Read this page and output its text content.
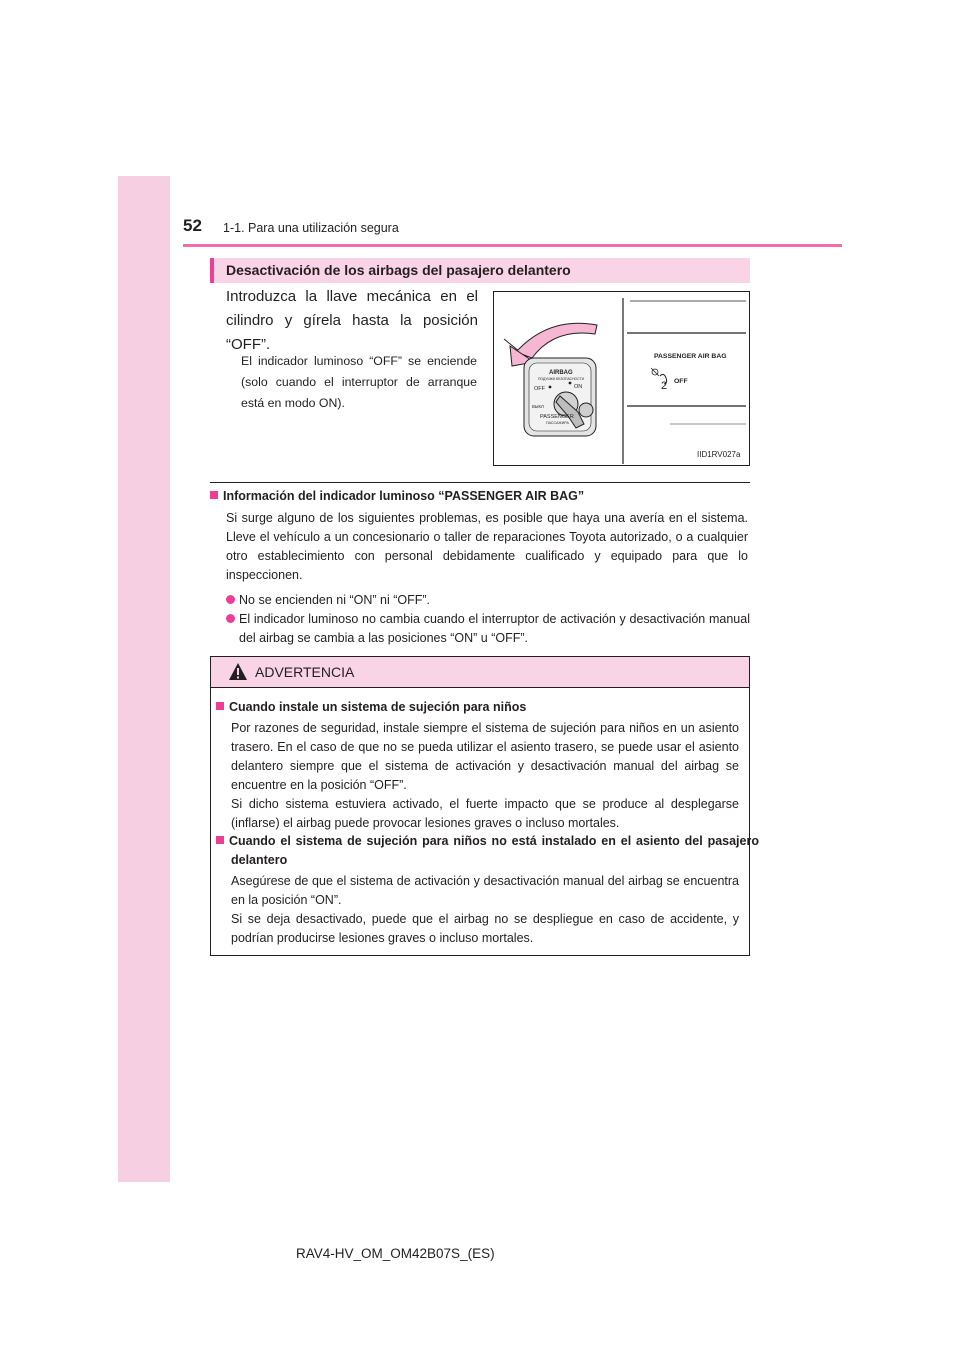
52 1-1. Para una utilización segura
Desactivación de los airbags del pasajero delantero
Introduzca la llave mecánica en el cilindro y gírela hasta la posición “OFF”.
El indicador luminoso “OFF” se enciende (solo cuando el interruptor de arranque está en modo ON).
AIRBAG
ПОДУШКИ БЕЗОПАСНОСТИ
OFF	ON
ВЫКЛ
PASSENGER
ПАССАЖИРА
PASSENGER AIR BAG
2 OFF
IID1RV027a
Información del indicador luminoso “PASSENGER AIR BAG”
Si surge alguno de los siguientes problemas, es posible que haya una avería en el sistema. Lleve el vehículo a un concesionario o taller de reparaciones Toyota autorizado, o a cualquier otro establecimiento con personal debidamente cualificado y equipado para que lo inspeccionen.
No se encienden ni “ON” ni “OFF”.
El indicador luminoso no cambia cuando el interruptor de activación y desactivación manual del airbag se cambia a las posiciones “ON” u “OFF”.
ADVERTENCIA
Cuando instale un sistema de sujeción para niños
Por razones de seguridad, instale siempre el sistema de sujeción para niños en un asiento trasero. En el caso de que no se pueda utilizar el asiento trasero, se puede usar el asiento delantero siempre que el sistema de activación y desactivación manual del airbag se encuentre en la posición “OFF”.
Si dicho sistema estuviera activado, el fuerte impacto que se produce al desplegarse (inflarse) el airbag puede provocar lesiones graves o incluso mortales.
Cuando el sistema de sujeción para niños no está instalado en el asiento del pasajero delantero
Asegúrese de que el sistema de activación y desactivación manual del airbag se encuentra en la posición “ON”.
Si se deja desactivado, puede que el airbag no se despliegue en caso de accidente, y podrían producirse lesiones graves o incluso mortales.
RAV4-HV_OM_OM42B07S_(ES)
